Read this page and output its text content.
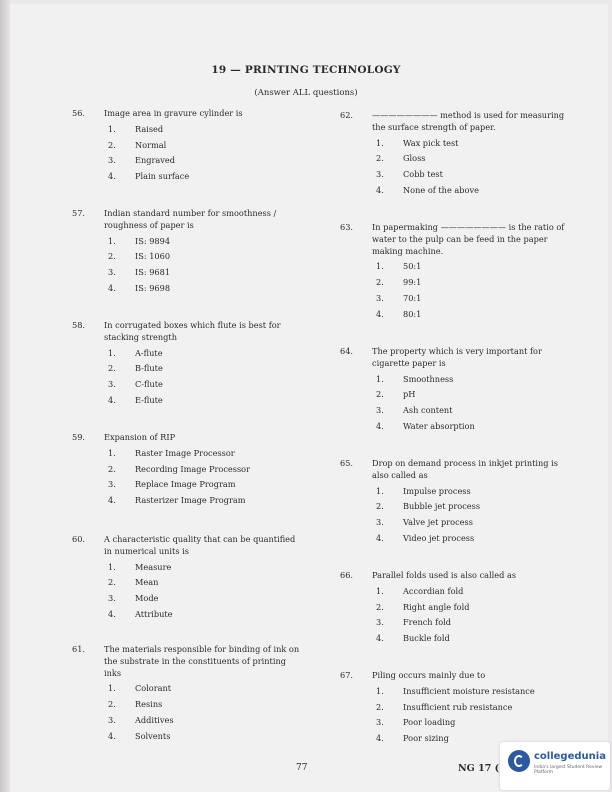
19 — PRINTING TECHNOLOGY
(Answer ALL questions)
56. Image area in gravure cylinder is
1.	Raised
2.	Normal
3.	Engraved
4.	Plain surface
57. Indian standard number for smoothness / roughness of paper is
1.	IS: 9894
2.	IS: 1060
3.	IS: 9681
4.	IS: 9698
58. In corrugated boxes which flute is best for stacking strength
1.	A-flute
2.	B-flute
3.	C-flute
4.	E-flute
59. Expansion of RIP
1.	Raster Image Processor
2.	Recording Image Processor
3.	Replace Image Program
4.	Rasterizer Image Program
60. A characteristic quality that can be quantified in numerical units is
1.	Measure
2.	Mean
3.	Mode
4.	Attribute
61. The materials responsible for binding of ink on the substrate in the constituents of printing inks
1.	Colorant
2.	Resins
3.	Additives
4.	Solvents
62. ———————— method is used for measuring the surface strength of paper.
1.	Wax pick test
2.	Gloss
3.	Cobb test
4.	None of the above
63. In papermaking ———————— is the ratio of water to the pulp can be feed in the paper making machine.
1.	50:1
2.	99:1
3.	70:1
4.	80:1
64. The property which is very important for cigarette paper is
1.	Smoothness
2.	pH
3.	Ash content
4.	Water absorption
65. Drop on demand process in inkjet printing is also called as
1.	Impulse process
2.	Bubble jet process
3.	Valve jet process
4.	Video jet process
66. Parallel folds used is also called as
1.	Accordian fold
2.	Right angle fold
3.	French fold
4.	Buckle fold
67. Piling occurs mainly due to
1.	Insufficient moisture resistance
2.	Insufficient rub resistance
3.	Poor loading
4.	Poor sizing
77	NG 17 (
collegedunia
India's largest Student Review Platform
